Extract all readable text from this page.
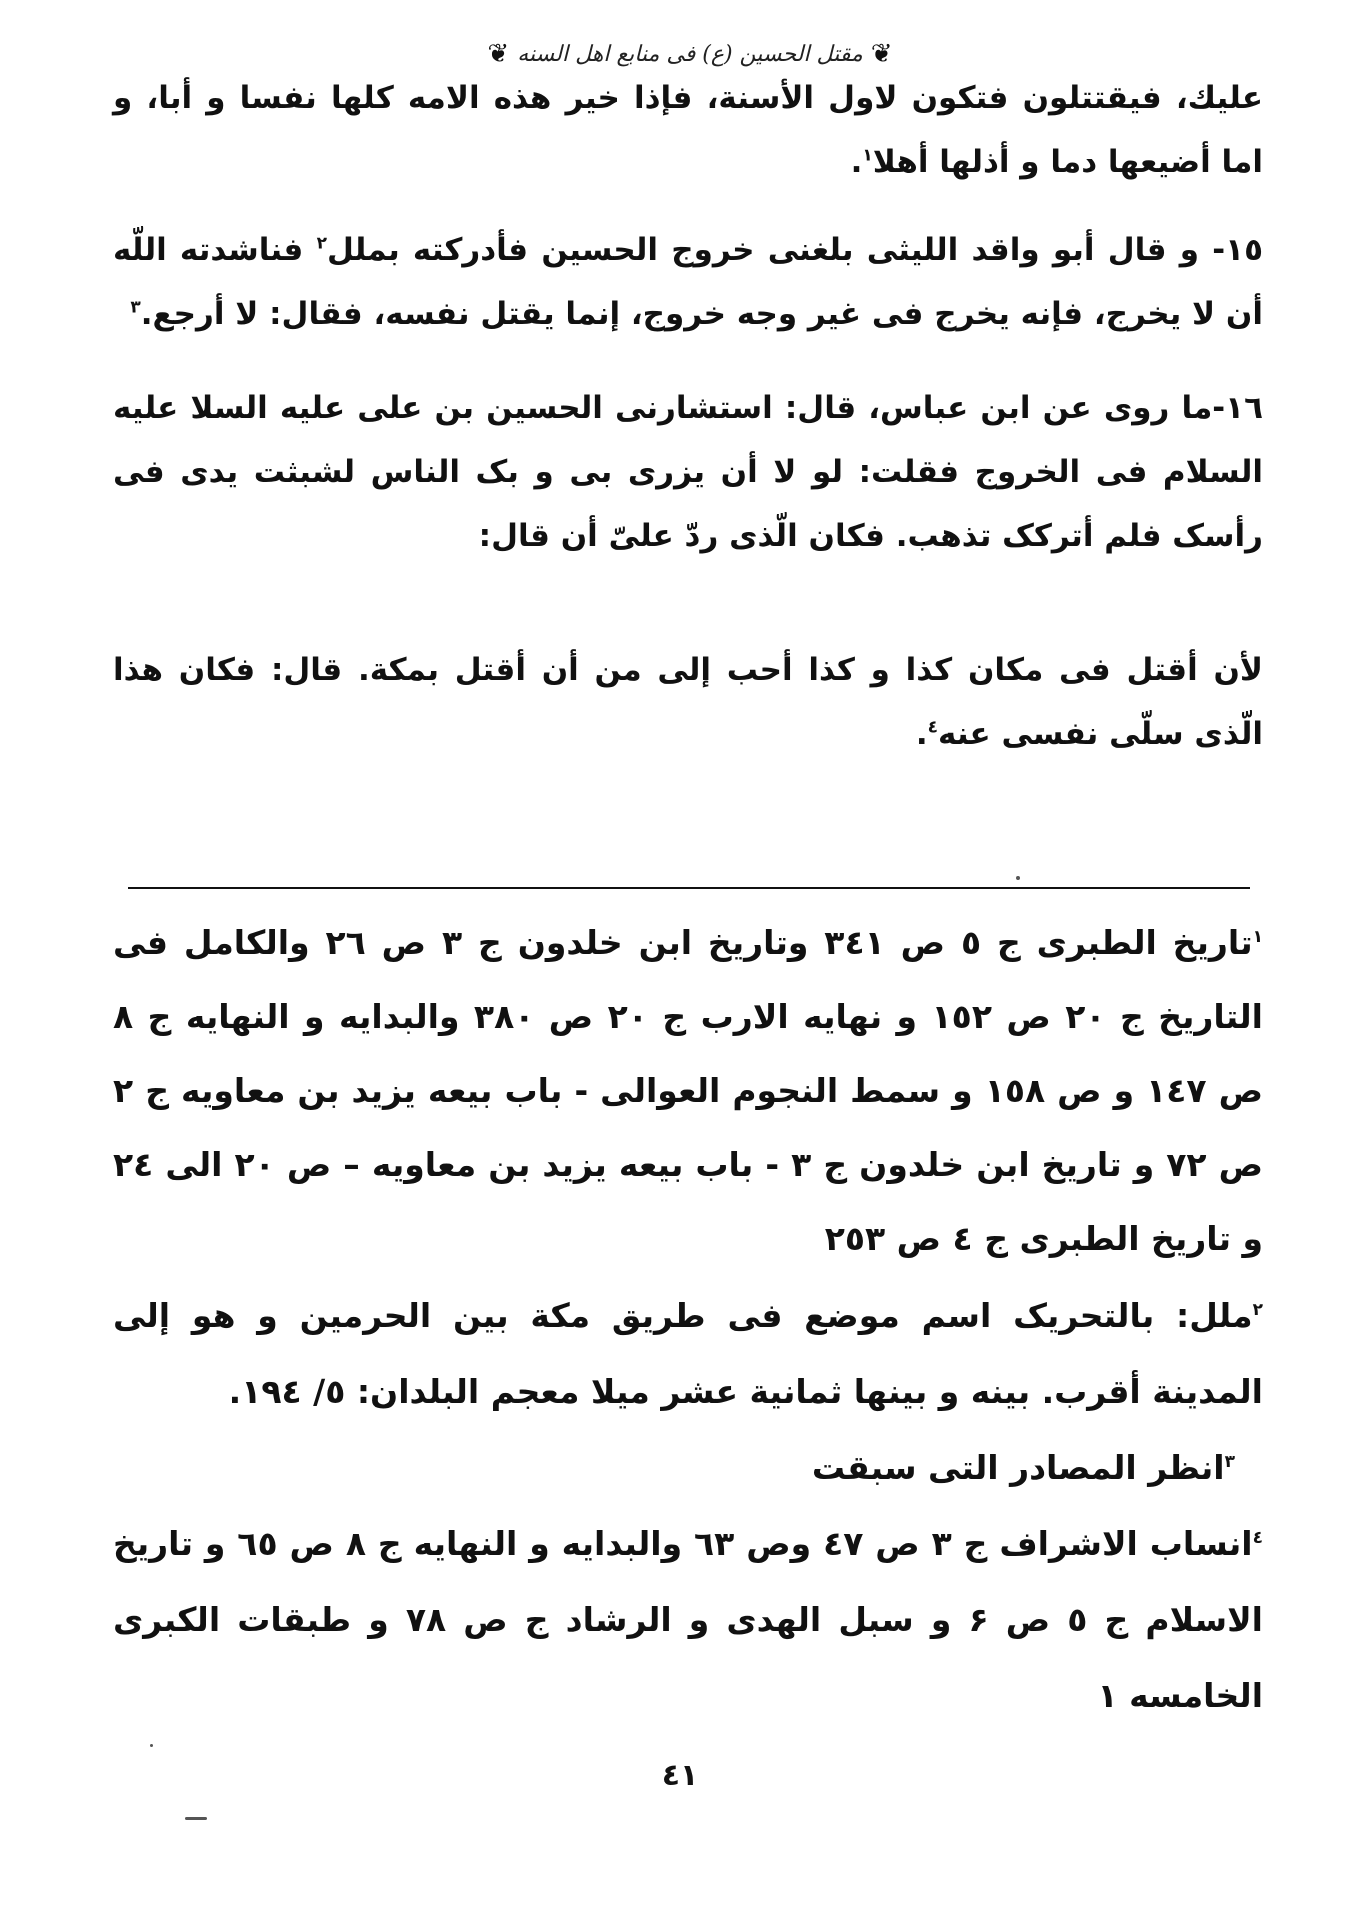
❦
مقتل الحسين (ع) فى منابع اهل السنه
❦

عليك، فيقتتلون فتكون لاول الأسنة، فإذا خير هذه الامه كلها نفسا و أبا، و اما أضيعها دما و أذلها أهلا$^١$.

١٥- و قال أبو واقد الليثى بلغنى خروج الحسين فأدركته بملل$^٢$ فناشدته اللّه أن لا يخرج، فإنه يخرج فى غير وجه خروج، إنما يقتل نفسه، فقال: لا أرجع.$^٣$

١٦-ما روى عن ابن عباس، قال: استشارنى الحسين بن على عليه السلا عليه السلام فى الخروج فقلت: لو لا أن يزرى بى و بک الناس لشبثت يدى فى رأسک فلم أترکک تذهب. فکان الّذى ردّ علىّ أن قال:

لأن أقتل فى مكان كذا و كذا أحب إلى من أن أقتل بمكة. قال: فكان هذا الّذى سلّى نفسى عنه$^٤$.

$^١$تاريخ الطبرى ج ٥ ص ٣٤١ وتاريخ ابن خلدون ج ٣ ص ٢٦ والكامل فى التاريخ ج ٢٠ ص ١٥٢ و نهايه الارب ج ٢٠ ص ٣٨٠ والبدايه و النهايه ج ٨ ص ١٤٧ و ص ١٥٨ و سمط النجوم العوالى - باب بيعه يزيد بن معاويه ج ٢ ص ٧٢ و تاريخ ابن خلدون ج ٣ - باب بيعه يزيد بن معاويه – ص ٢٠ الى ٢٤ و تاريخ الطبرى ج ٤ ص ٢٥٣

$^٢$ملل: بالتحريک اسم موضع فى طريق مكة بين الحرمين و هو إلى المدينة أقرب. بينه و بينها ثمانية عشر ميلا معجم البلدان: ٥/ ١٩٤.

$^٣$انظر المصادر التى سبقت

$^٤$انساب الاشراف ج ٣ ص ٤٧ وص ٦٣ والبدايه و النهايه ج ٨ ص ٦٥ و تاريخ الاسلام ج ٥ ص ۶ و سبل الهدى و الرشاد ج ص ٧٨ و طبقات الكبرى الخامسه ١

٤١
